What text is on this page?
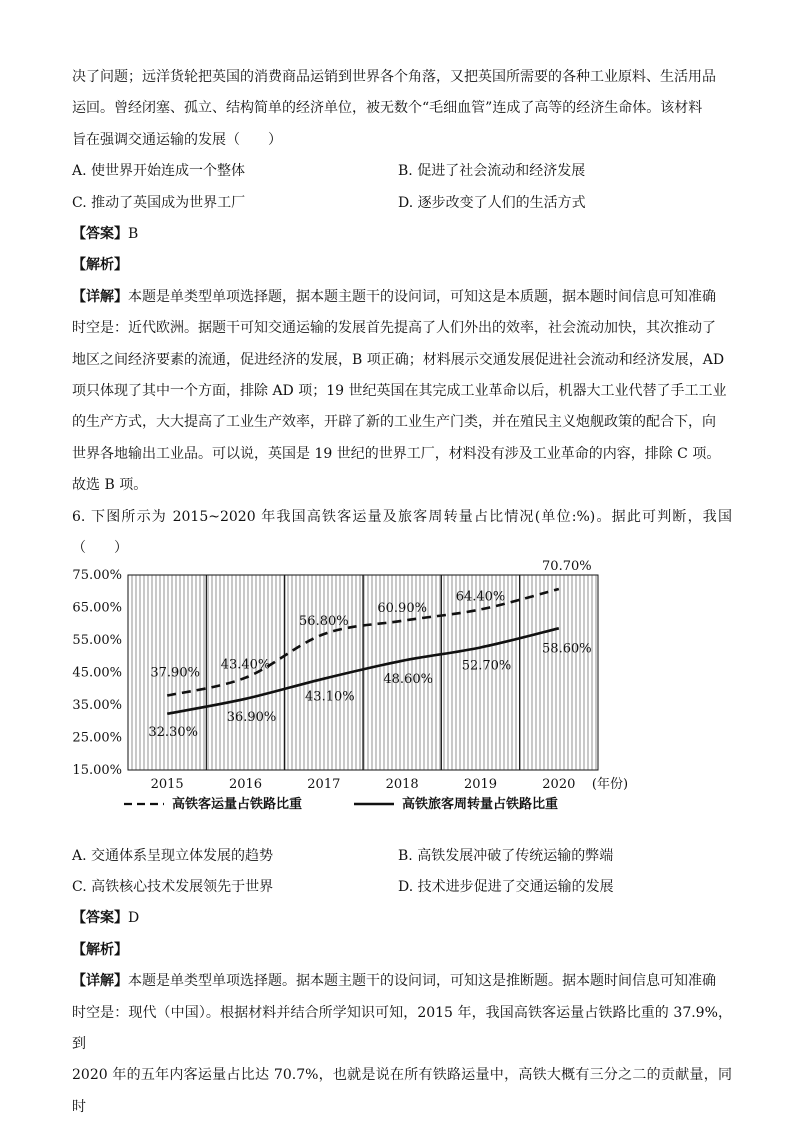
决了问题；远洋货轮把英国的消费商品运销到世界各个角落，又把英国所需要的各种工业原料、生活用品

运回。曾经闭塞、孤立、结构简单的经济单位，被无数个“毛细血管”连成了高等的经济生命体。该材料

旨在强调交通运输的发展（　　）

A. 使世界开始连成一个整体	B. 促进了社会流动和经济发展
C. 推动了英国成为世界工厂	D. 逐步改变了人们的生活方式

【答案】B

【解析】

【详解】本题是单类型单项选择题，据本题主题干的设问词，可知这是本质题，据本题时间信息可知准确

时空是：近代欧洲。据题干可知交通运输的发展首先提高了人们外出的效率，社会流动加快，其次推动了

地区之间经济要素的流通，促进经济的发展，B 项正确；材料展示交通发展促进社会流动和经济发展，AD

项只体现了其中一个方面，排除 AD 项；19 世纪英国在其完成工业革命以后，机器大工业代替了手工工业

的生产方式，大大提高了工业生产效率，开辟了新的工业生产门类，并在殖民主义炮舰政策的配合下，向

世界各地输出工业品。可以说，英国是 19 世纪的世界工厂，材料没有涉及工业革命的内容，排除 C 项。

故选 B 项。

6. 下图所示为 2015~2020 年我国高铁客运量及旅客周转量占比情况(单位:%)。据此可判断，我国（　　）

75.00%
65.00%
55.00%
45.00%
35.00%
25.00%
15.00%
2015	2016	2017	2018	2019	2020 (年份)
37.90%
43.40%
56.80%
60.90%
64.40%
70.70%
32.30%
36.90%
43.10%
48.60%
52.70%
58.60%
高铁客运量占铁路比重	高铁旅客周转量占铁路比重
A. 交通体系呈现立体发展的趋势	B. 高铁发展冲破了传统运输的弊端
C. 高铁核心技术发展领先于世界	D. 技术进步促进了交通运输的发展

【答案】D

【解析】

【详解】本题是单类型单项选择题。据本题主题干的设问词，可知这是推断题。据本题时间信息可知准确

时空是：现代（中国）。根据材料并结合所学知识可知，2015 年，我国高铁客运量占铁路比重的 37.9%，到

2020 年的五年内客运量占比达 70.7%，也就是说在所有铁路运量中，高铁大概有三分之二的贡献量，同时
